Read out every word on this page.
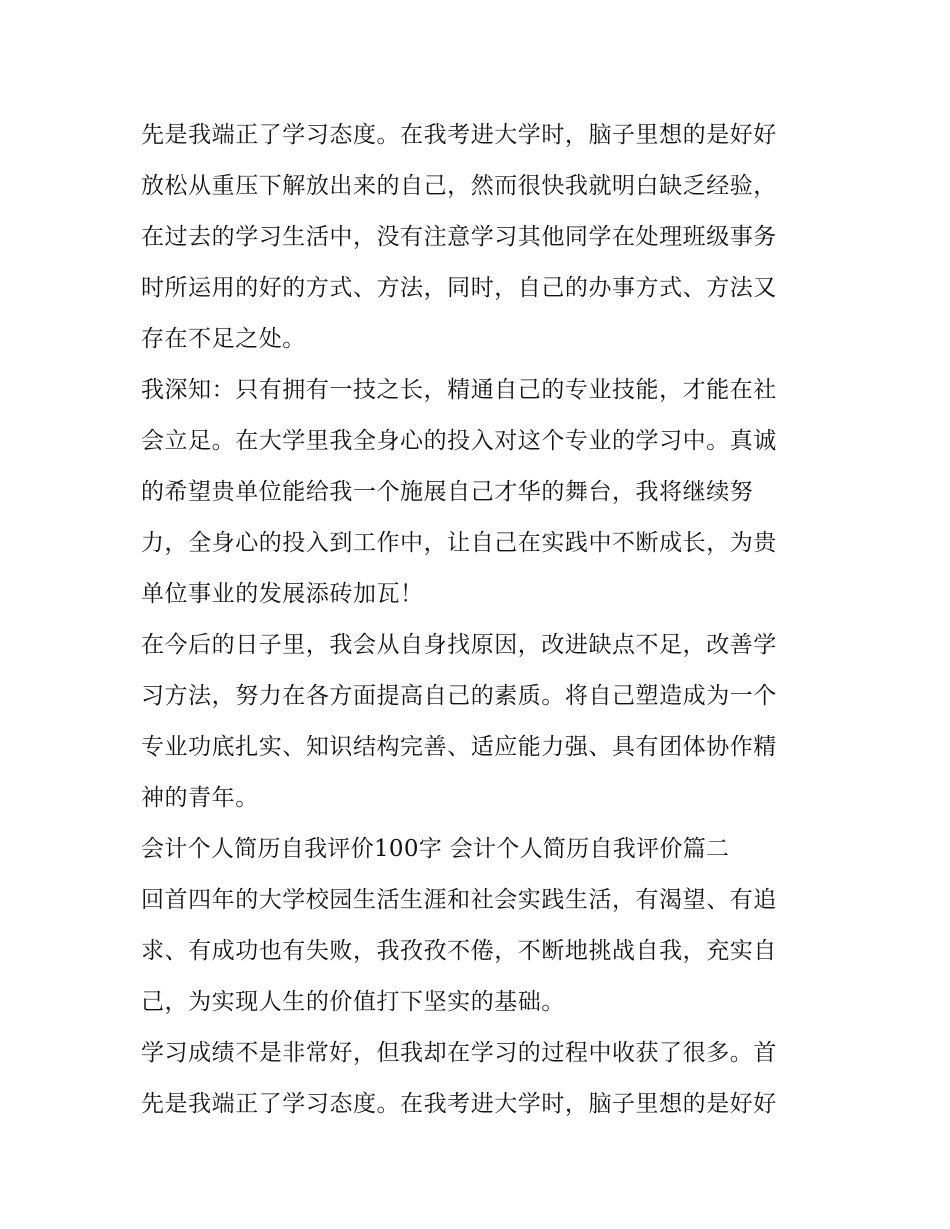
先是我端正了学习态度。在我考进大学时，脑子里想的是好好
放松从重压下解放出来的自己，然而很快我就明白缺乏经验，
在过去的学习生活中，没有注意学习其他同学在处理班级事务
时所运用的好的方式、方法，同时，自己的办事方式、方法又
存在不足之处。
我深知：只有拥有一技之长，精通自己的专业技能，才能在社
会立足。在大学里我全身心的投入对这个专业的学习中。真诚
的希望贵单位能给我一个施展自己才华的舞台，我将继续努
力，全身心的投入到工作中，让自己在实践中不断成长，为贵
单位事业的发展添砖加瓦！
在今后的日子里，我会从自身找原因，改进缺点不足，改善学
习方法，努力在各方面提高自己的素质。将自己塑造成为一个
专业功底扎实、知识结构完善、适应能力强、具有团体协作精
神的青年。
会计个人简历自我评价100字 会计个人简历自我评价篇二
回首四年的大学校园生活生涯和社会实践生活，有渴望、有追
求、有成功也有失败，我孜孜不倦，不断地挑战自我，充实自
己，为实现人生的价值打下坚实的基础。
学习成绩不是非常好，但我却在学习的过程中收获了很多。首
先是我端正了学习态度。在我考进大学时，脑子里想的是好好
